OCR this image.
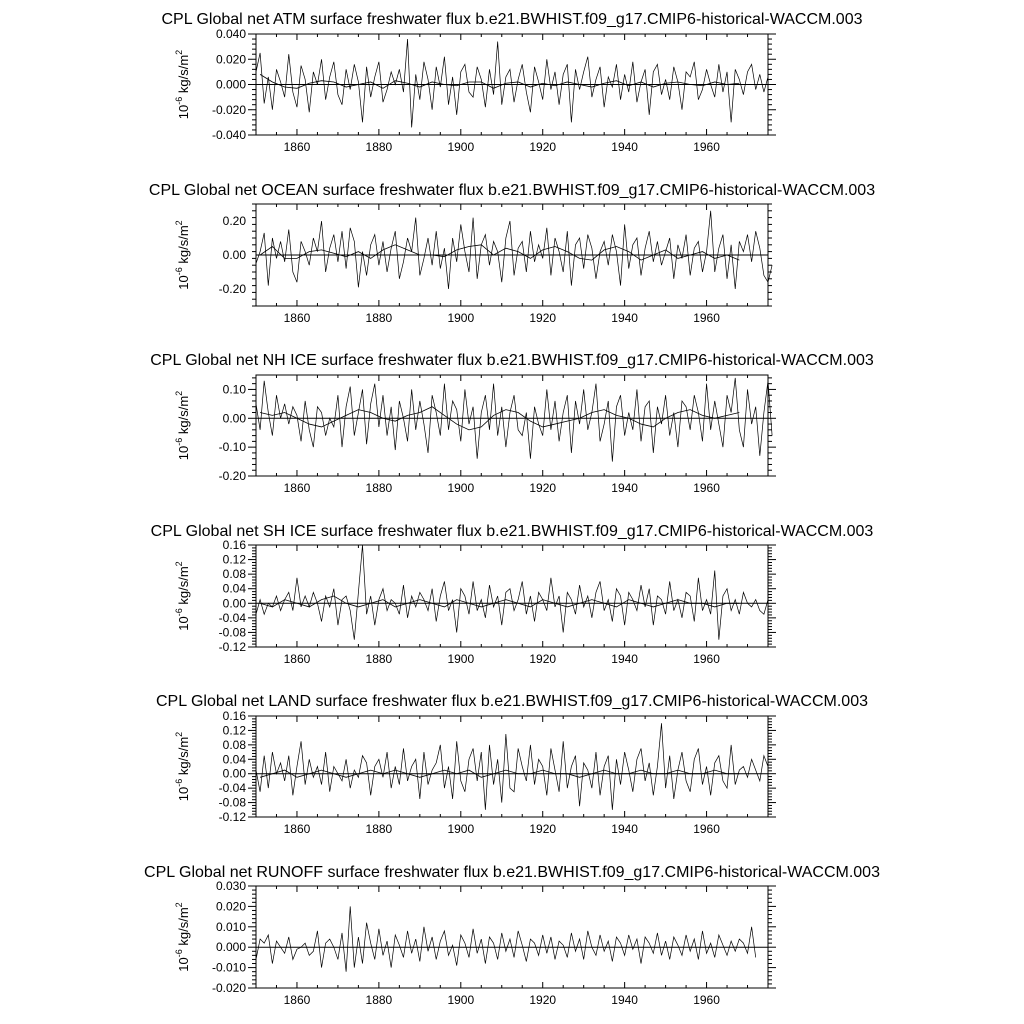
CPL Global net ATM surface freshwater flux b.e21.BWHIST.f09_g17.CMIP6-historical-WACCM.003
1860	1880	1900	1920	1940	1960
-0.040
-0.020
0.000
0.020
0.040
$10^{-6}$ $kg/s/m^2$
CPL Global net OCEAN surface freshwater flux b.e21.BWHIST.f09_g17.CMIP6-historical-WACCM.003
1860	1880	1900	1920	1940	1960
-0.20
0.00
0.20
$10^{-6}$ $kg/s/m^2$
CPL Global net NH ICE surface freshwater flux b.e21.BWHIST.f09_g17.CMIP6-historical-WACCM.003
1860	1880	1900	1920	1940	1960
-0.20
-0.10
0.00
0.10
$10^{-6}$ $kg/s/m^2$
CPL Global net SH ICE surface freshwater flux b.e21.BWHIST.f09_g17.CMIP6-historical-WACCM.003
1860	1880	1900	1920	1940	1960
-0.12
-0.08
-0.04
0.00
0.04
0.08
0.12
0.16
$10^{-6}$ $kg/s/m^2$
CPL Global net LAND surface freshwater flux b.e21.BWHIST.f09_g17.CMIP6-historical-WACCM.003
1860	1880	1900	1920	1940	1960
-0.12
-0.08
-0.04
0.00
0.04
0.08
0.12
0.16
$10^{-6}$ $kg/s/m^2$
CPL Global net RUNOFF surface freshwater flux b.e21.BWHIST.f09_g17.CMIP6-historical-WACCM.003
1860	1880	1900	1920	1940	1960
-0.020
-0.010
0.000
0.010
0.020
0.030
$10^{-6}$ $kg/s/m^2$
